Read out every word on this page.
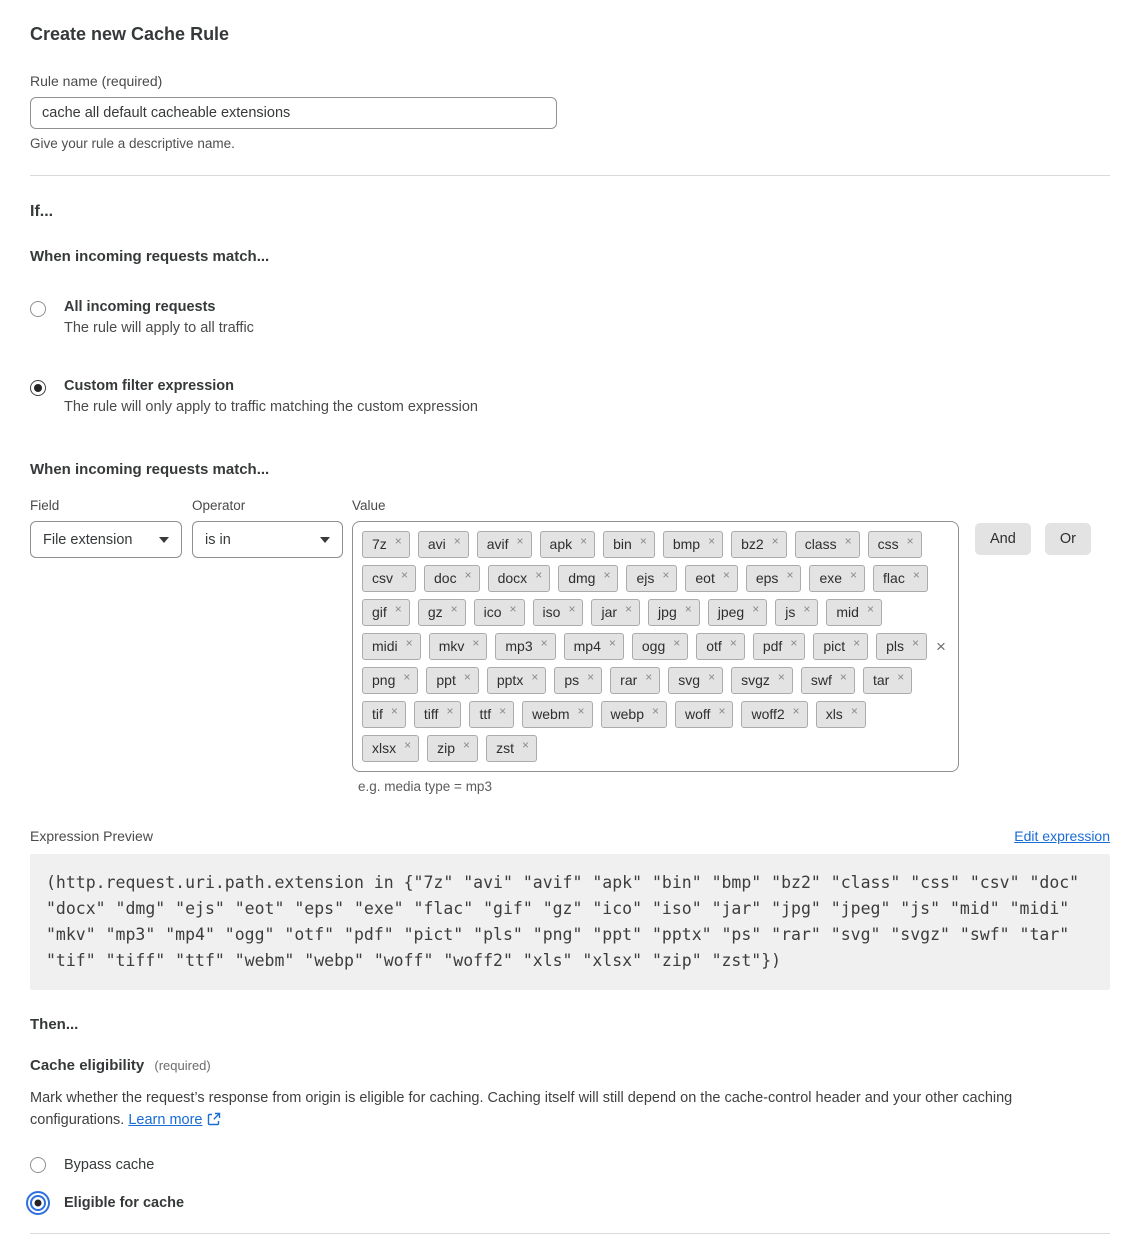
Create new Cache Rule
Rule name (required)
cache all default cacheable extensions
Give your rule a descriptive name.
If...
When incoming requests match...
All incoming requests
The rule will apply to all traffic
Custom filter expression
The rule will only apply to traffic matching the custom expression
When incoming requests match...
Field
File extension
Operator
is in
Value
7z × avi × avif × apk × bin × bmp × bz2 × class × css ×
csv × doc × docx × dmg × ejs × eot × eps × exe × flac ×
gif × gz × ico × iso × jar × jpg × jpeg × js × mid ×
midi × mkv × mp3 × mp4 × ogg × otf × pdf × pict × pls ×
png × ppt × pptx × ps × rar × svg × svgz × swf × tar ×
tif × tiff × ttf × webm × webp × woff × woff2 × xls ×
xlsx × zip × zst ×
×
e.g. media type = mp3
And	Or
Expression Preview	Edit expression
(http.request.uri.path.extension in {"7z" "avi" "avif" "apk" "bin" "bmp" "bz2" "class" "css" "csv" "doc" "docx" "dmg" "ejs" "eot" "eps" "exe" "flac" "gif" "gz" "ico" "iso" "jar" "jpg" "jpeg" "js" "mid" "midi" "mkv" "mp3" "mp4" "ogg" "otf" "pdf" "pict" "pls" "png" "ppt" "pptx" "ps" "rar" "svg" "svgz" "swf" "tar" "tif" "tiff" "ttf" "webm" "webp" "woff" "woff2" "xls" "xlsx" "zip" "zst"})
Then...
Cache eligibility (required)
Mark whether the request’s response from origin is eligible for caching. Caching itself will still depend on the cache-control header and your other caching configurations. Learn more
Bypass cache
Eligible for cache
